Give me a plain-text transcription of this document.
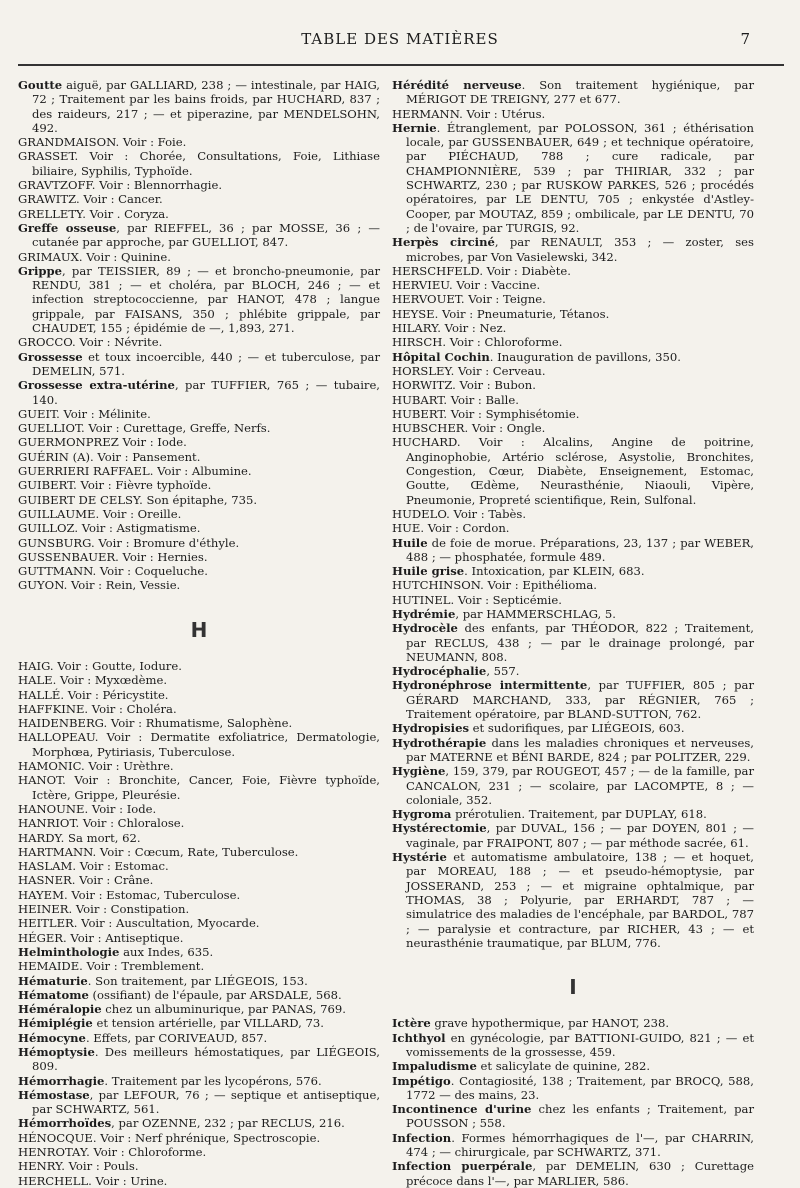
TABLE DES MATIÈRES	7

Goutte aiguë, par GALLIARD, 238 ; — intestinale, par HAIG, 72 ; Traitement par les bains froids, par HUCHARD, 837 ; des raideurs, 217 ; — et piperazine, par MENDELSOHN, 492.

GRANDMAISON. Voir : Foie.

GRASSET. Voir : Chorée, Consultations, Foie, Lithiase biliaire, Syphilis, Typhoïde.

GRAVTZOFF. Voir : Blennorrhagie.

GRAWITZ. Voir : Cancer.

GRELLETY. Voir . Coryza.

Greffe osseuse, par RIEFFEL, 36 ; par MOSSE, 36 ; — cutanée par approche, par GUELLIOT, 847.

GRIMAUX. Voir : Quinine.

Grippe, par TEISSIER, 89 ; — et broncho-pneumonie, par RENDU, 381 ; — et choléra, par BLOCH, 246 ; — et infection streptococcienne, par HANOT, 478 ; langue grippale, par FAISANS, 350 ; phlébite grippale, par CHAUDET, 155 ; épidémie de —, 1,893, 271.

GROCCO. Voir : Névrite.

Grossesse et toux incoercible, 440 ; — et tuberculose, par DEMELIN, 571.

Grossesse extra-utérine, par TUFFIER, 765 ; — tubaire, 140.

GUEIT. Voir : Mélinite.

GUELLIOT. Voir : Curettage, Greffe, Nerfs.

GUERMONPREZ Voir : Iode.

GUÉRIN (A). Voir : Pansement.

GUERRIERI RAFFAEL. Voir : Albumine.

GUIBERT. Voir : Fièvre typhoïde.

GUIBERT DE CELSY. Son épitaphe, 735.

GUILLAUME. Voir : Oreille.

GUILLOZ. Voir : Astigmatisme.

GUNSBURG. Voir : Bromure d'éthyle.

GUSSENBAUER. Voir : Hernies.

GUTTMANN. Voir : Coqueluche.

GUYON. Voir : Rein, Vessie.

H

HAIG. Voir : Goutte, Iodure.

HALE. Voir : Myxœdème.

HALLÉ. Voir : Péricystite.

HAFFKINE. Voir : Choléra.

HAIDENBERG. Voir : Rhumatisme, Salophène.

HALLOPEAU. Voir : Dermatite exfoliatrice, Dermatologie, Morphœa, Pytiriasis, Tuberculose.

HAMONIC. Voir : Urèthre.

HANOT. Voir : Bronchite, Cancer, Foie, Fièvre typhoïde, Ictère, Grippe, Pleurésie.

HANOUNE. Voir : Iode.

HANRIOT. Voir : Chloralose.

HARDY. Sa mort, 62.

HARTMANN. Voir : Cœcum, Rate, Tuberculose.

HASLAM. Voir : Estomac.

HASNER. Voir : Crâne.

HAYEM. Voir : Estomac, Tuberculose.

HEINER. Voir : Constipation.

HEITLER. Voir : Auscultation, Myocarde.

HÉGER. Voir : Antiseptique.

Helminthologie aux Indes, 635.

HEMAIDE. Voir : Tremblement.

Hématurie. Son traitement, par LIÉGEOIS, 153.

Hématome (ossifiant) de l'épaule, par ARSDALE, 568.

Héméralopie chez un albuminurique, par PANAS, 769.

Hémiplégie et tension artérielle, par VILLARD, 73.

Hémocyne. Effets, par CORIVEAUD, 857.

Hémoptysie. Des meilleurs hémostatiques, par LIÉGEOIS, 809.

Hémorrhagie. Traitement par les lycopérons, 576.

Hémostase, par LEFOUR, 76 ; — septique et antiseptique, par SCHWARTZ, 561.

Hémorrhoïdes, par OZENNE, 232 ; par RECLUS, 216.

HÉNOCQUE. Voir : Nerf phrénique, Spectroscopie.

HENROTAY. Voir : Chloroforme.

HENRY. Voir : Pouls.

HERCHELL. Voir : Urine.

Hérédité nerveuse. Son traitement hygiénique, par MÉRIGOT DE TREIGNY, 277 et 677.

HERMANN. Voir : Utérus.

Hernie. Étranglement, par POLOSSON, 361 ; éthérisation locale, par GUSSENBAUER, 649 ; et technique opératoire, par PIÉCHAUD, 788 ; cure radicale, par CHAMPIONNIÈRE, 539 ; par THIRIAR, 332 ; par SCHWARTZ, 230 ; par RUSKOW PARKES, 526 ; procédés opératoires, par LE DENTU, 705 ; enkystée d'Astley-Cooper, par MOUTAZ, 859 ; ombilicale, par LE DENTU, 70 ; de l'ovaire, par TURGIS, 92.

Herpès circiné, par RENAULT, 353 ; — zoster, ses microbes, par Von Vasielewski, 342.

HERSCHFELD. Voir : Diabète.

HERVIEU. Voir : Vaccine.

HERVOUET. Voir : Teigne.

HEYSE. Voir : Pneumaturie, Tétanos.

HILARY. Voir : Nez.

HIRSCH. Voir : Chloroforme.

Hôpital Cochin. Inauguration de pavillons, 350.

HORSLEY. Voir : Cerveau.

HORWITZ. Voir : Bubon.

HUBART. Voir : Balle.

HUBERT. Voir : Symphisétomie.

HUBSCHER. Voir : Ongle.

HUCHARD. Voir : Alcalins, Angine de poitrine, Anginophobie, Artério sclérose, Asystolie, Bronchites, Congestion, Cœur, Diabète, Enseignement, Estomac, Goutte, Œdème, Neurasthénie, Niaouli, Vipère, Pneumonie, Propreté scientifique, Rein, Sulfonal.

HUDELO. Voir : Tabès.

HUE. Voir : Cordon.

Huile de foie de morue. Préparations, 23, 137 ; par WEBER, 488 ; — phosphatée, formule 489.

Huile grise. Intoxication, par KLEIN, 683.

HUTCHINSON. Voir : Epithélioma.

HUTINEL. Voir : Septicémie.

Hydrémie, par HAMMERSCHLAG, 5.

Hydrocèle des enfants, par THÉODOR, 822 ; Traitement, par RECLUS, 438 ; — par le drainage prolongé, par NEUMANN, 808.

Hydrocéphalie, 557.

Hydronéphrose intermittente, par TUFFIER, 805 ; par GÉRARD MARCHAND, 333, par RÉGNIER, 765 ; Traitement opératoire, par BLAND-SUTTON, 762.

Hydropisies et sudorifiques, par LIÉGEOIS, 603.

Hydrothérapie dans les maladies chroniques et nerveuses, par MATERNE et BÉNI BARDE, 824 ; par POLITZER, 229.

Hygiène, 159, 379, par ROUGEOT, 457 ; — de la famille, par CANCALON, 231 ; — scolaire, par LACOMPTE, 8 ; — coloniale, 352.

Hygroma prérotulien. Traitement, par DUPLAY, 618.

Hystérectomie, par DUVAL, 156 ; — par DOYEN, 801 ; — vaginale, par FRAIPONT, 807 ; — par méthode sacrée, 61.

Hystérie et automatisme ambulatoire, 138 ; — et hoquet, par MOREAU, 188 ; — et pseudo-hémoptysie, par JOSSERAND, 253 ; — et migraine ophtalmique, par THOMAS, 38 ; Polyurie, par ERHARDT, 787 ; — simulatrice des maladies de l'encéphale, par BARDOL, 787 ; — paralysie et contracture, par RICHER, 43 ; — et neurasthénie traumatique, par BLUM, 776.

I

Ictère grave hypothermique, par HANOT, 238.

Ichthyol en gynécologie, par BATTIONI-GUIDO, 821 ; — et vomissements de la grossesse, 459.

Impaludisme et salicylate de quinine, 282.

Impétigo. Contagiosité, 138 ; Traitement, par BROCQ, 588, 1772 — des mains, 23.

Incontinence d'urine chez les enfants ; Traitement, par POUSSON ; 558.

Infection. Formes hémorrhagiques de l'—, par CHARRIN, 474 ; — chirurgicale, par SCHWARTZ, 371.

Infection puerpérale, par DEMELIN, 630 ; Curettage précoce dans l'—, par MARLIER, 586.
